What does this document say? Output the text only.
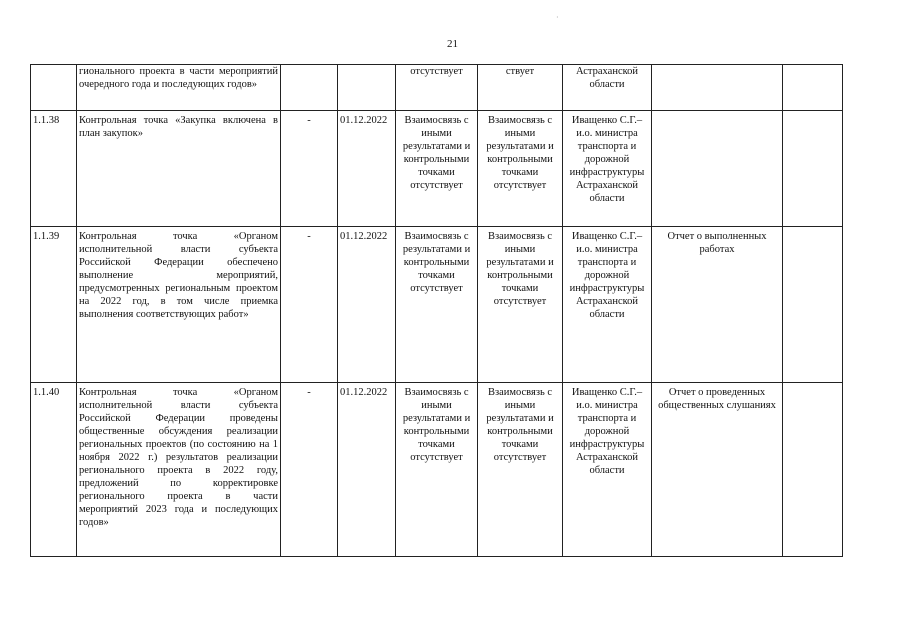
·
21
	гионального проекта в части мероприятий очередного года и последующих годов»			отсутствует	ствует	Астраханской области		
1.1.38	Контрольная точка «Закупка включена в план закупок»	-	01.12.2022	Взаимосвязь с иными результатами и контрольными точками отсутствует	Взаимосвязь с иными результатами и контрольными точками отсутствует	Иващенко С.Г.– и.о. министра транспорта и дорожной инфраструктуры Астраханской области		
1.1.39	Контрольная точка «Органом исполнительной власти субъекта Российской Федерации обеспечено выполнение мероприятий, предусмотренных региональным проектом на 2022 год, в том числе приемка выполнения соответствующих работ»	-	01.12.2022	Взаимосвязь с результатами и контрольными точками отсутствует	Взаимосвязь с иными результатами и контрольными точками отсутствует	Иващенко С.Г.– и.о. министра транспорта и дорожной инфраструктуры Астраханской области	Отчет о выполненных работах	
1.1.40	Контрольная точка «Органом исполнительной власти субъекта Российской Федерации проведены общественные обсуждения реализации региональных проектов (по состоянию на 1 ноября 2022 г.) результатов реализации регионального проекта в 2022 году, предложений по корректировке регионального проекта в части мероприятий 2023 года и последующих годов»	-	01.12.2022	Взаимосвязь с иными результатами и контрольными точками отсутствует	Взаимосвязь с иными результатами и контрольными точками отсутствует	Иващенко С.Г.– и.о. министра транспорта и дорожной инфраструктуры Астраханской области	Отчет о проведенных общественных слушаниях	
